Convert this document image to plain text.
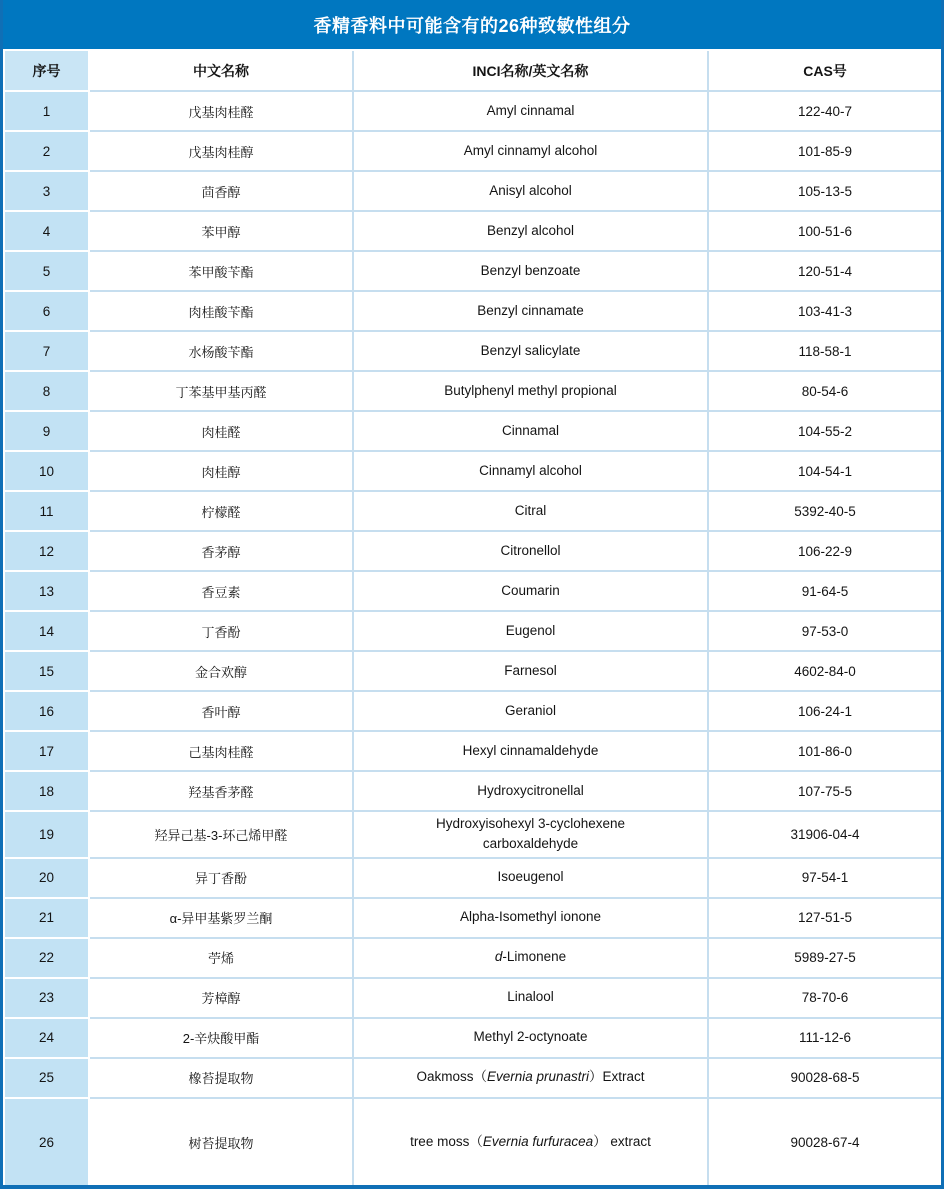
香精香料中可能含有的26种致敏性组分
序号	中文名称	INCI名称/英文名称	CAS号
1	戊基肉桂醛	Amyl cinnamal	122-40-7
2	戊基肉桂醇	Amyl cinnamyl alcohol	101-85-9
3	茴香醇	Anisyl alcohol	105-13-5
4	苯甲醇	Benzyl alcohol	100-51-6
5	苯甲酸苄酯	Benzyl benzoate	120-51-4
6	肉桂酸苄酯	Benzyl cinnamate	103-41-3
7	水杨酸苄酯	Benzyl salicylate	118-58-1
8	丁苯基甲基丙醛	Butylphenyl methyl propional	80-54-6
9	肉桂醛	Cinnamal	104-55-2
10	肉桂醇	Cinnamyl alcohol	104-54-1
11	柠檬醛	Citral	5392-40-5
12	香茅醇	Citronellol	106-22-9
13	香豆素	Coumarin	91-64-5
14	丁香酚	Eugenol	97-53-0
15	金合欢醇	Farnesol	4602-84-0
16	香叶醇	Geraniol	106-24-1
17	己基肉桂醛	Hexyl cinnamaldehyde	101-86-0
18	羟基香茅醛	Hydroxycitronellal	107-75-5
19	羟异己基-3-环己烯甲醛	Hydroxyisohexyl 3-cyclohexene
carboxaldehyde	31906-04-4
20	异丁香酚	Isoeugenol	97-54-1
21	α-异甲基紫罗兰酮	Alpha-Isomethyl ionone	127-51-5
22	苧烯	d-Limonene	5989-27-5
23	芳樟醇	Linalool	78-70-6
24	2-辛炔酸甲酯	Methyl 2-octynoate	111-12-6
25	橡苔提取物	Oakmoss（Evernia prunastri）Extract	90028-68-5
26	树苔提取物	tree moss（Evernia furfuracea） extract	90028-67-4
